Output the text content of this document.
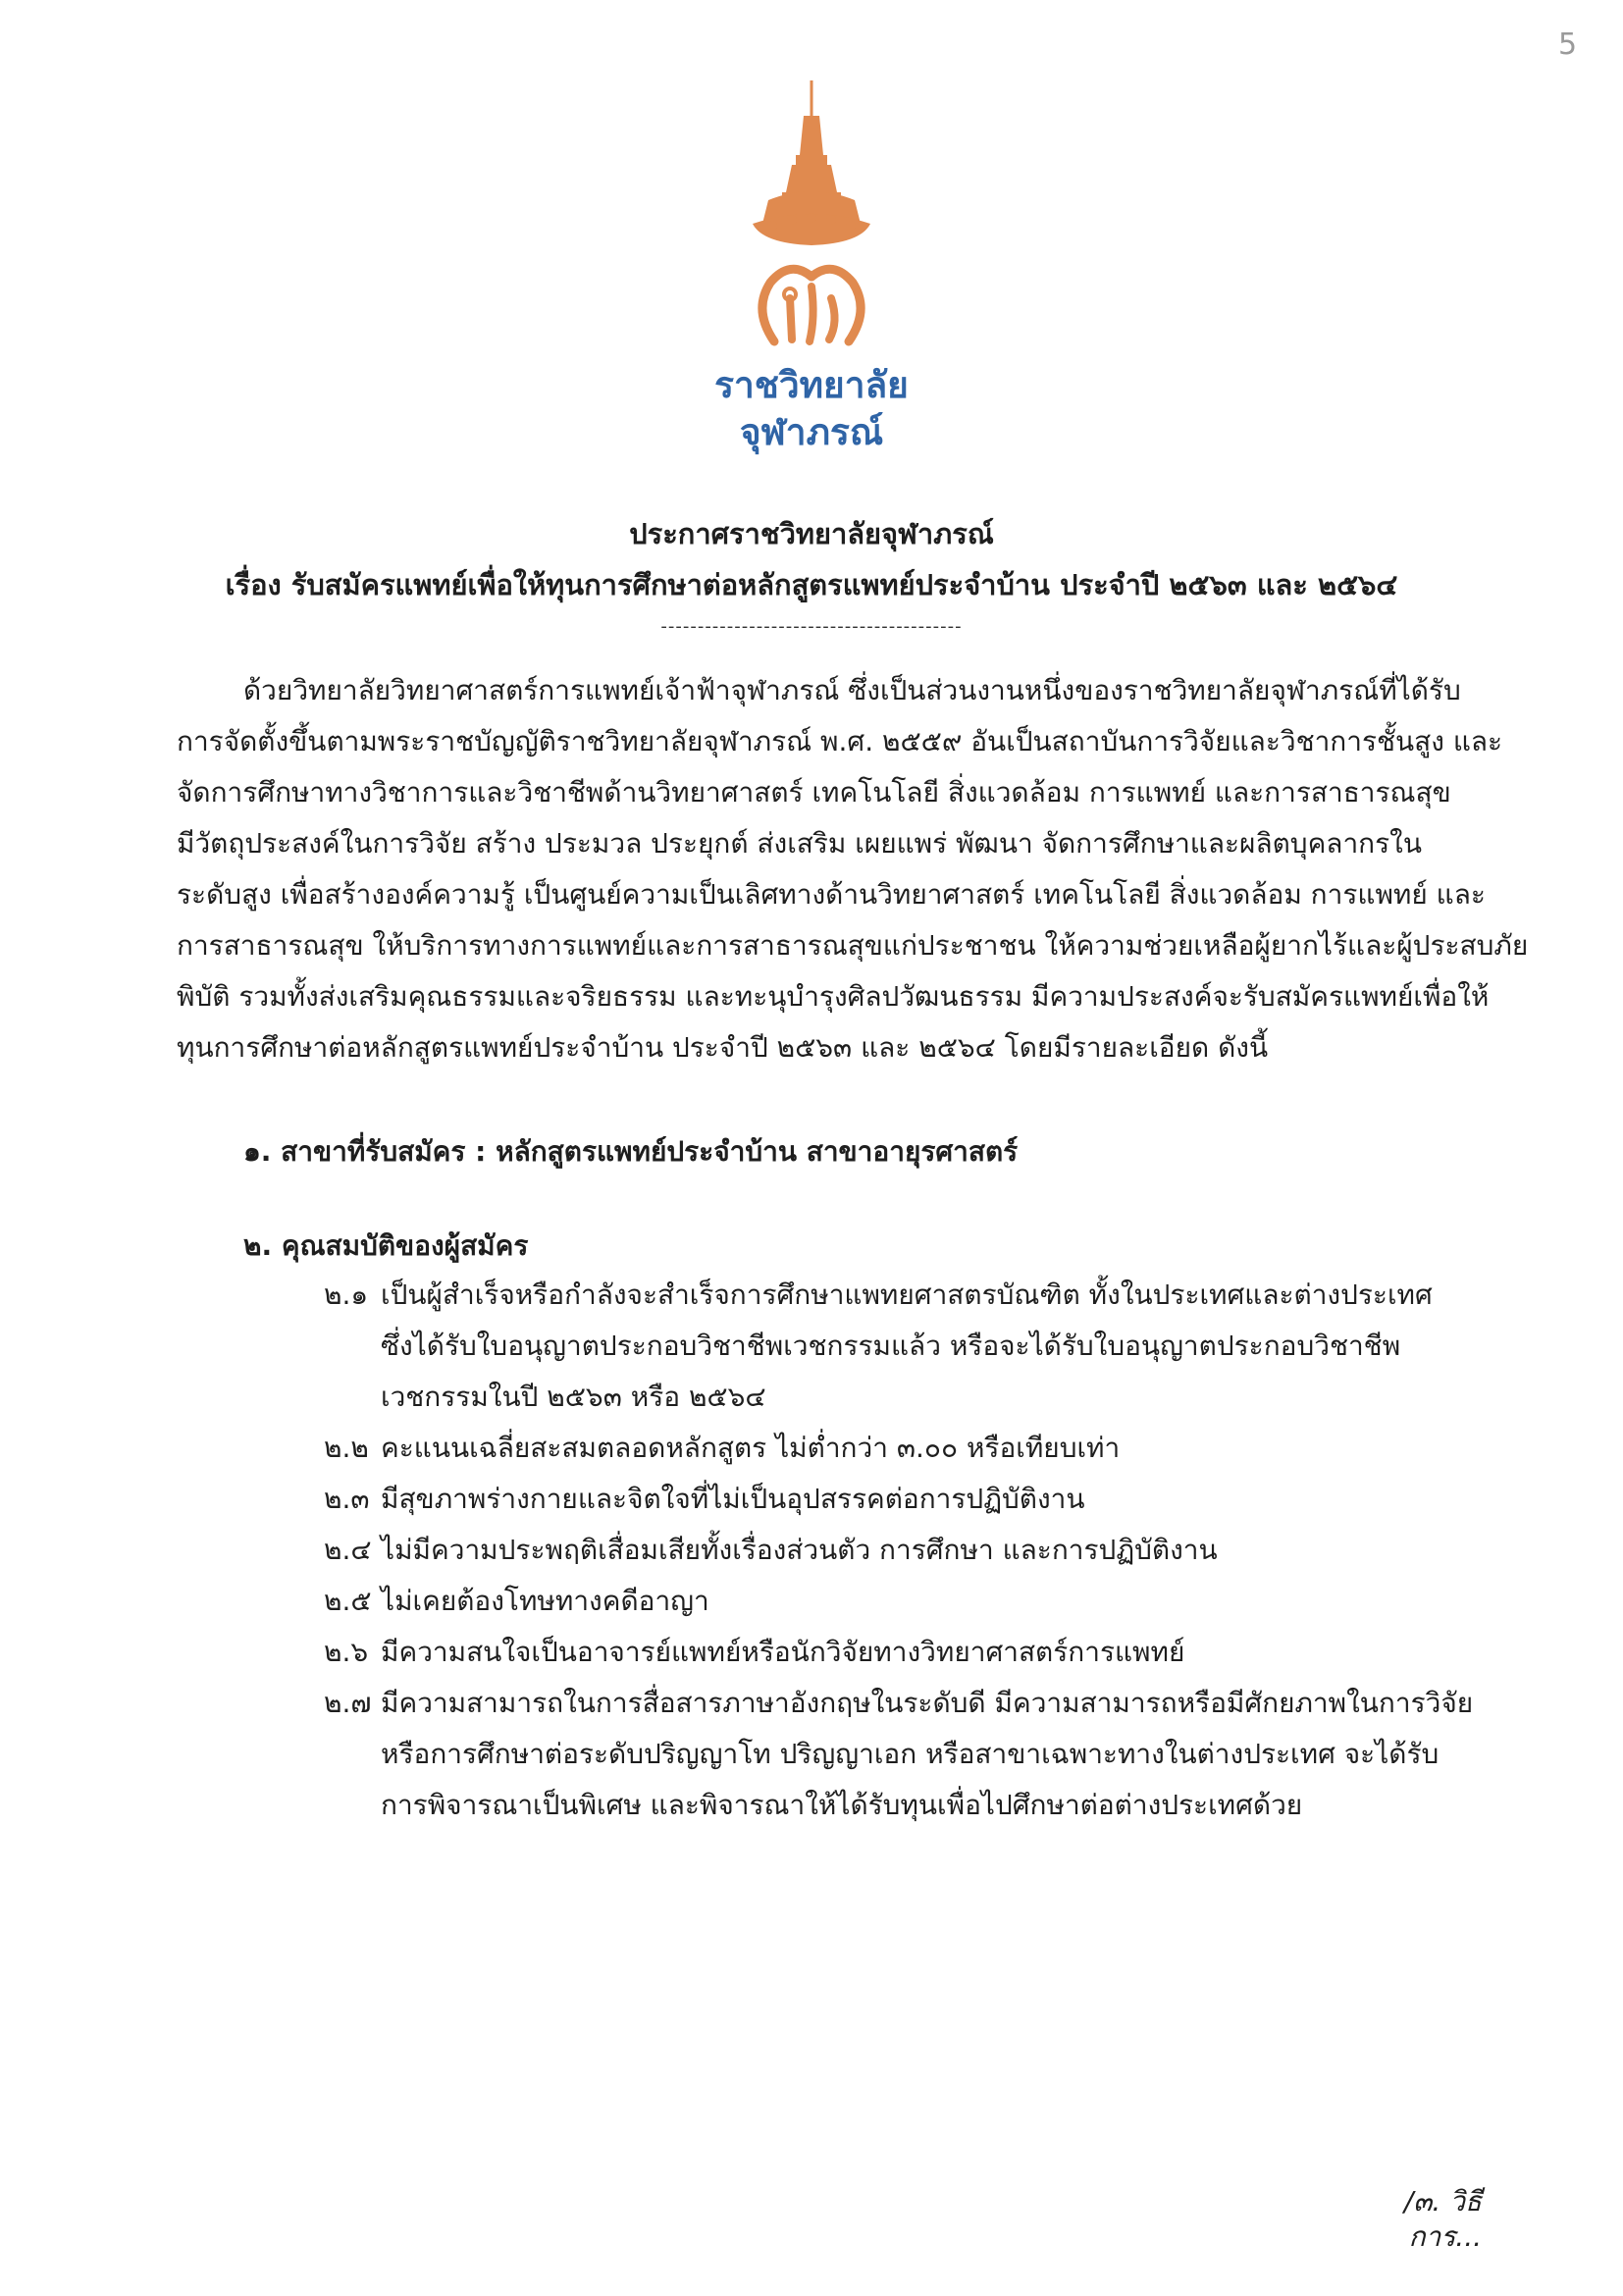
5
ราชวิทยาลัย
จุฬาภรณ์
ประกาศราชวิทยาลัยจุฬาภรณ์
เรื่อง รับสมัครแพทย์เพื่อให้ทุนการศึกษาต่อหลักสูตรแพทย์ประจำบ้าน ประจำปี ๒๕๖๓ และ ๒๕๖๔
-----------------------------------------
ด้วยวิทยาลัยวิทยาศาสตร์การแพทย์เจ้าฟ้าจุฬาภรณ์ ซึ่งเป็นส่วนงานหนึ่งของราชวิทยาลัยจุฬาภรณ์ที่ได้รับ
การจัดตั้งขึ้นตามพระราชบัญญัติราชวิทยาลัยจุฬาภรณ์ พ.ศ. ๒๕๕๙ อันเป็นสถาบันการวิจัยและวิชาการชั้นสูง และ
จัดการศึกษาทางวิชาการและวิชาชีพด้านวิทยาศาสตร์ เทคโนโลยี สิ่งแวดล้อม การแพทย์ และการสาธารณสุข
มีวัตถุประสงค์ในการวิจัย สร้าง ประมวล ประยุกต์ ส่งเสริม เผยแพร่ พัฒนา จัดการศึกษาและผลิตบุคลากรใน
ระดับสูง เพื่อสร้างองค์ความรู้ เป็นศูนย์ความเป็นเลิศทางด้านวิทยาศาสตร์ เทคโนโลยี สิ่งแวดล้อม การแพทย์ และ
การสาธารณสุข ให้บริการทางการแพทย์และการสาธารณสุขแก่ประชาชน ให้ความช่วยเหลือผู้ยากไร้และผู้ประสบภัย
พิบัติ รวมทั้งส่งเสริมคุณธรรมและจริยธรรม และทะนุบำรุงศิลปวัฒนธรรม มีความประสงค์จะรับสมัครแพทย์เพื่อให้
ทุนการศึกษาต่อหลักสูตรแพทย์ประจำบ้าน ประจำปี ๒๕๖๓ และ ๒๕๖๔ โดยมีรายละเอียด ดังนี้
๑. สาขาที่รับสมัคร : หลักสูตรแพทย์ประจำบ้าน สาขาอายุรศาสตร์
๒. คุณสมบัติของผู้สมัคร
๒.๑ เป็นผู้สำเร็จหรือกำลังจะสำเร็จการศึกษาแพทยศาสตรบัณฑิต ทั้งในประเทศและต่างประเทศ
ซึ่งได้รับใบอนุญาตประกอบวิชาชีพเวชกรรมแล้ว หรือจะได้รับใบอนุญาตประกอบวิชาชีพ
เวชกรรมในปี ๒๕๖๓ หรือ ๒๕๖๔
๒.๒ คะแนนเฉลี่ยสะสมตลอดหลักสูตร ไม่ต่ำกว่า ๓.๐๐ หรือเทียบเท่า
๒.๓ มีสุขภาพร่างกายและจิตใจที่ไม่เป็นอุปสรรคต่อการปฏิบัติงาน
๒.๔ ไม่มีความประพฤติเสื่อมเสียทั้งเรื่องส่วนตัว การศึกษา และการปฏิบัติงาน
๒.๕ ไม่เคยต้องโทษทางคดีอาญา
๒.๖ มีความสนใจเป็นอาจารย์แพทย์หรือนักวิจัยทางวิทยาศาสตร์การแพทย์
๒.๗ มีความสามารถในการสื่อสารภาษาอังกฤษในระดับดี มีความสามารถหรือมีศักยภาพในการวิจัย
หรือการศึกษาต่อระดับปริญญาโท ปริญญาเอก หรือสาขาเฉพาะทางในต่างประเทศ จะได้รับ
การพิจารณาเป็นพิเศษ และพิจารณาให้ได้รับทุนเพื่อไปศึกษาต่อต่างประเทศด้วย
/๓. วิธีการ...
